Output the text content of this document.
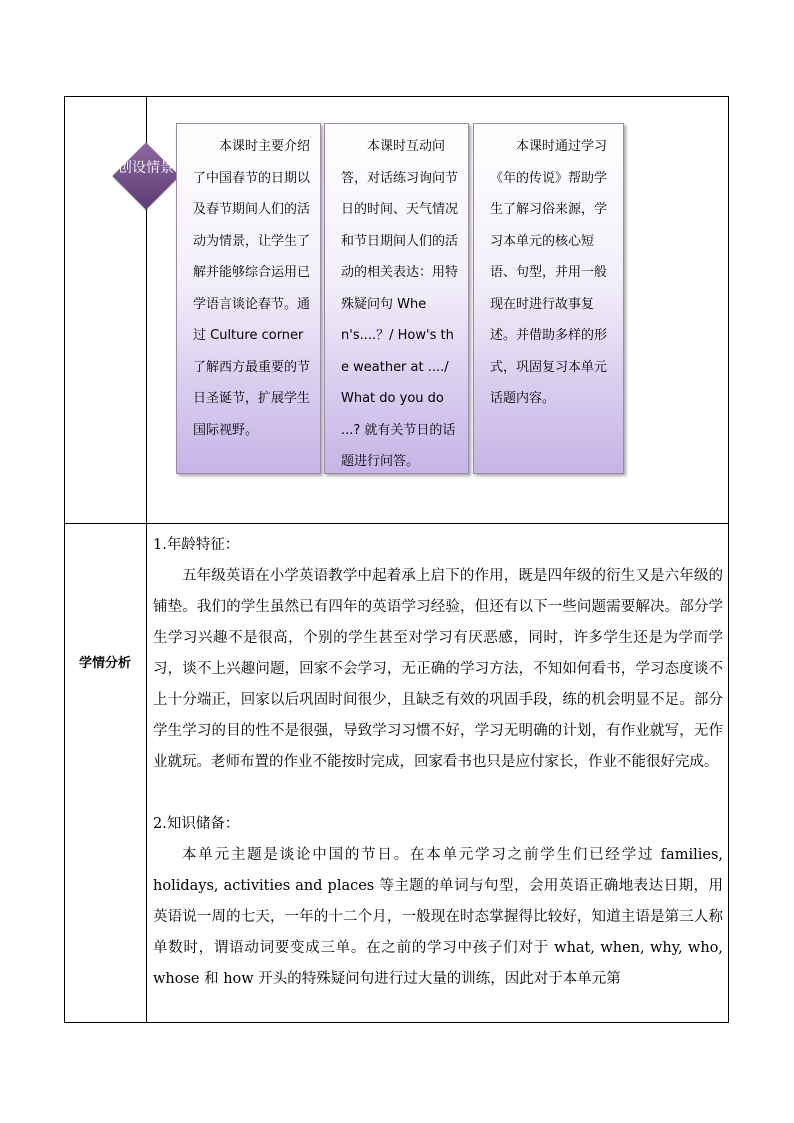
创设情景
本课时主要介绍了中国春节的日期以及春节期间人们的活动为情景，让学生了解并能够综合运用已学语言谈论春节。通过 Culture corner 了解西方最重要的节日圣诞节，扩展学生国际视野。
本课时互动问答，对话练习询问节日的时间、天气情况和节日期间人们的活动的相关表达：用特殊疑问句 When's....？/ How's the weather at ..../ What do you do ...? 就有关节日的话题进行问答。
本课时通过学习《年的传说》帮助学生了解习俗来源，学习本单元的核心短语、句型，并用一般现在时进行故事复述。并借助多样的形式，巩固复习本单元话题内容。
学情分析

1.年龄特征：

五年级英语在小学英语教学中起着承上启下的作用，既是四年级的衍生又是六年级的铺垫。我们的学生虽然已有四年的英语学习经验，但还有以下一些问题需要解决。部分学生学习兴趣不是很高，个别的学生甚至对学习有厌恶感，同时，许多学生还是为学而学习，谈不上兴趣问题，回家不会学习，无正确的学习方法，不知如何看书，学习态度谈不上十分端正，回家以后巩固时间很少，且缺乏有效的巩固手段，练的机会明显不足。部分学生学习的目的性不是很强，导致学习习惯不好，学习无明确的计划，有作业就写，无作业就玩。老师布置的作业不能按时完成，回家看书也只是应付家长，作业不能很好完成。

2.知识储备：

本单元主题是谈论中国的节日。在本单元学习之前学生们已经学过 families, holidays, activities and places 等主题的单词与句型，会用英语正确地表达日期，用英语说一周的七天，一年的十二个月，一般现在时态掌握得比较好，知道主语是第三人称单数时，谓语动词要变成三单。在之前的学习中孩子们对于 what, when, why, who, whose 和 how 开头的特殊疑问句进行过大量的训练，因此对于本单元第
